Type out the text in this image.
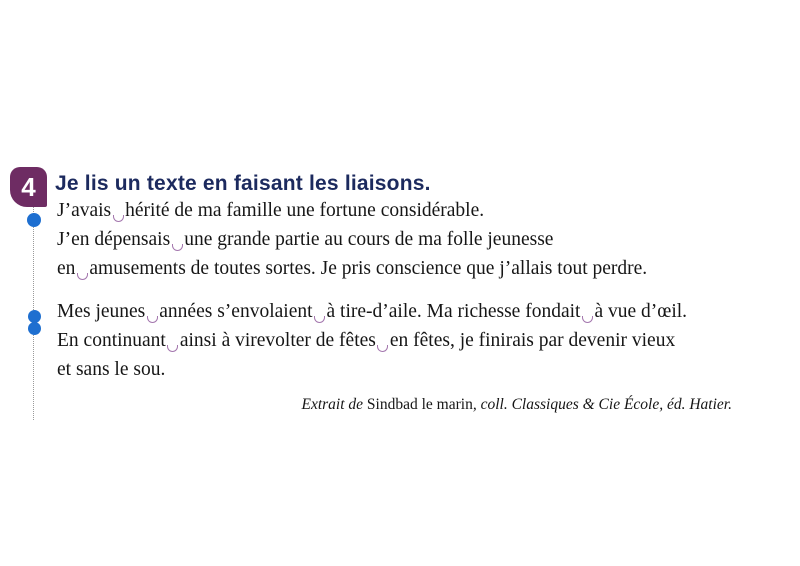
4 Je lis un texte en faisant les liaisons.

J’avais hérité de ma famille une fortune considérable.

J’en dépensais une grande partie au cours de ma folle jeunesse

en amusements de toutes sortes. Je pris conscience que j’allais tout perdre.

Mes jeunes années s’envolaient à tire-d’aile. Ma richesse fondait à vue d’œil.

En continuant ainsi à virevolter de fêtes en fêtes, je finirais par devenir vieux

et sans le sou.

Extrait de Sindbad le marin, coll. Classiques & Cie École, éd. Hatier.
